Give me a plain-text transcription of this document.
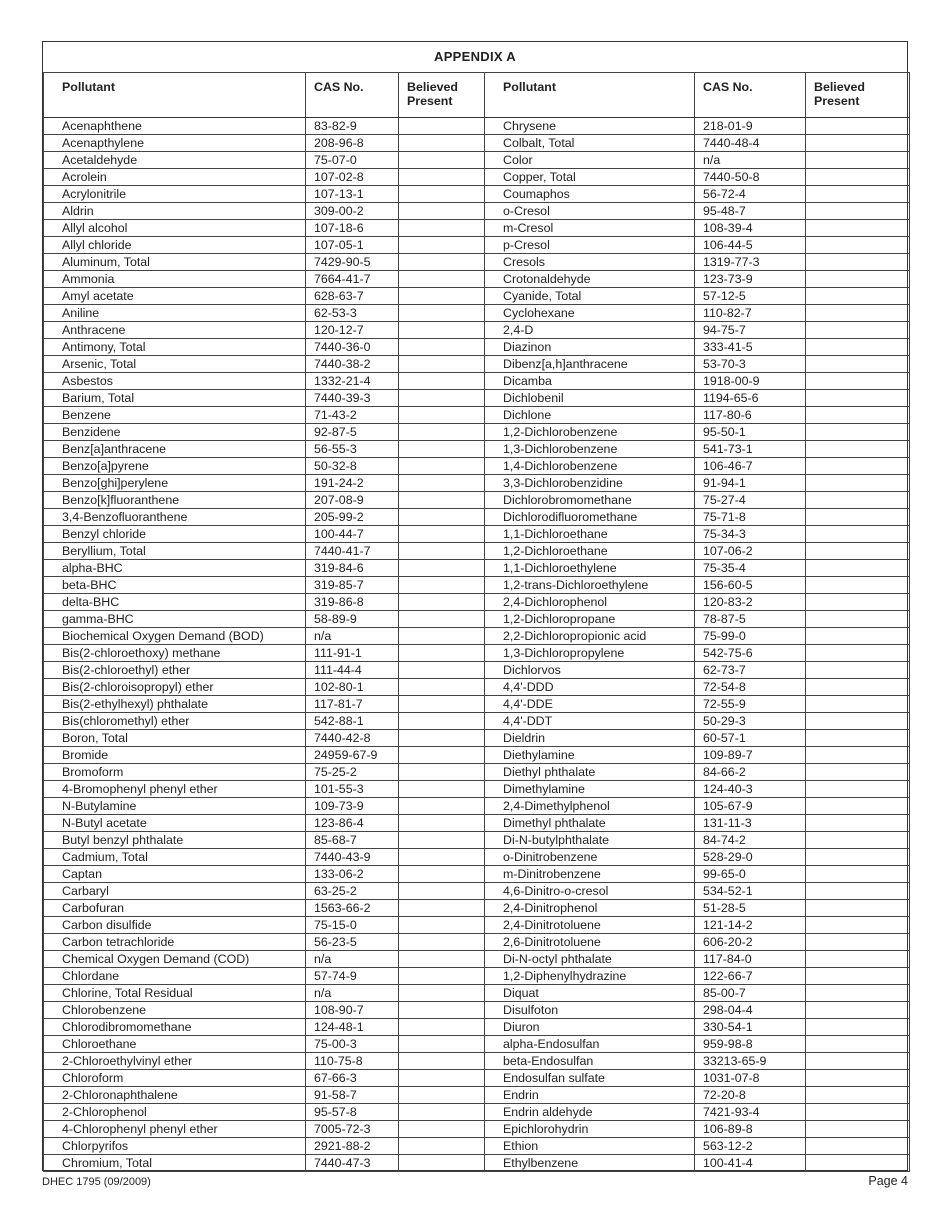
APPENDIX A
Pollutant	CAS No.	Believed Present	Pollutant	CAS No.	Believed Present
Acenaphthene	83-82-9		Chrysene	218-01-9	
Acenapthylene	208-96-8		Colbalt, Total	7440-48-4	
Acetaldehyde	75-07-0		Color	n/a	
Acrolein	107-02-8		Copper, Total	7440-50-8	
Acrylonitrile	107-13-1		Coumaphos	56-72-4	
Aldrin	309-00-2		o-Cresol	95-48-7	
Allyl alcohol	107-18-6		m-Cresol	108-39-4	
Allyl chloride	107-05-1		p-Cresol	106-44-5	
Aluminum, Total	7429-90-5		Cresols	1319-77-3	
Ammonia	7664-41-7		Crotonaldehyde	123-73-9	
Amyl acetate	628-63-7		Cyanide, Total	57-12-5	
Aniline	62-53-3		Cyclohexane	110-82-7	
Anthracene	120-12-7		2,4-D	94-75-7	
Antimony, Total	7440-36-0		Diazinon	333-41-5	
Arsenic, Total	7440-38-2		Dibenz[a,h]anthracene	53-70-3	
Asbestos	1332-21-4		Dicamba	1918-00-9	
Barium, Total	7440-39-3		Dichlobenil	1194-65-6	
Benzene	71-43-2		Dichlone	117-80-6	
Benzidene	92-87-5		1,2-Dichlorobenzene	95-50-1	
Benz[a]anthracene	56-55-3		1,3-Dichlorobenzene	541-73-1	
Benzo[a]pyrene	50-32-8		1,4-Dichlorobenzene	106-46-7	
Benzo[ghi]perylene	191-24-2		3,3-Dichlorobenzidine	91-94-1	
Benzo[k]fluoranthene	207-08-9		Dichlorobromomethane	75-27-4	
3,4-Benzofluoranthene	205-99-2		Dichlorodifluoromethane	75-71-8	
Benzyl chloride	100-44-7		1,1-Dichloroethane	75-34-3	
Beryllium, Total	7440-41-7		1,2-Dichloroethane	107-06-2	
alpha-BHC	319-84-6		1,1-Dichloroethylene	75-35-4	
beta-BHC	319-85-7		1,2-trans-Dichloroethylene	156-60-5	
delta-BHC	319-86-8		2,4-Dichlorophenol	120-83-2	
gamma-BHC	58-89-9		1,2-Dichloropropane	78-87-5	
Biochemical Oxygen Demand (BOD)	n/a		2,2-Dichloropropionic acid	75-99-0	
Bis(2-chloroethoxy) methane	111-91-1		1,3-Dichloropropylene	542-75-6	
Bis(2-chloroethyl) ether	111-44-4		Dichlorvos	62-73-7	
Bis(2-chloroisopropyl) ether	102-80-1		4,4'-DDD	72-54-8	
Bis(2-ethylhexyl) phthalate	117-81-7		4,4'-DDE	72-55-9	
Bis(chloromethyl) ether	542-88-1		4,4'-DDT	50-29-3	
Boron, Total	7440-42-8		Dieldrin	60-57-1	
Bromide	24959-67-9		Diethylamine	109-89-7	
Bromoform	75-25-2		Diethyl phthalate	84-66-2	
4-Bromophenyl phenyl ether	101-55-3		Dimethylamine	124-40-3	
N-Butylamine	109-73-9		2,4-Dimethylphenol	105-67-9	
N-Butyl acetate	123-86-4		Dimethyl phthalate	131-11-3	
Butyl benzyl phthalate	85-68-7		Di-N-butylphthalate	84-74-2	
Cadmium, Total	7440-43-9		o-Dinitrobenzene	528-29-0	
Captan	133-06-2		m-Dinitrobenzene	99-65-0	
Carbaryl	63-25-2		4,6-Dinitro-o-cresol	534-52-1	
Carbofuran	1563-66-2		2,4-Dinitrophenol	51-28-5	
Carbon disulfide	75-15-0		2,4-Dinitrotoluene	121-14-2	
Carbon tetrachloride	56-23-5		2,6-Dinitrotoluene	606-20-2	
Chemical Oxygen Demand (COD)	n/a		Di-N-octyl phthalate	117-84-0	
Chlordane	57-74-9		1,2-Diphenylhydrazine	122-66-7	
Chlorine, Total Residual	n/a		Diquat	85-00-7	
Chlorobenzene	108-90-7		Disulfoton	298-04-4	
Chlorodibromomethane	124-48-1		Diuron	330-54-1	
Chloroethane	75-00-3		alpha-Endosulfan	959-98-8	
2-Chloroethylvinyl ether	110-75-8		beta-Endosulfan	33213-65-9	
Chloroform	67-66-3		Endosulfan sulfate	1031-07-8	
2-Chloronaphthalene	91-58-7		Endrin	72-20-8	
2-Chlorophenol	95-57-8		Endrin aldehyde	7421-93-4	
4-Chlorophenyl phenyl ether	7005-72-3		Epichlorohydrin	106-89-8	
Chlorpyrifos	2921-88-2		Ethion	563-12-2	
Chromium, Total	7440-47-3		Ethylbenzene	100-41-4	
DHEC 1795 (09/2009)	Page 4
